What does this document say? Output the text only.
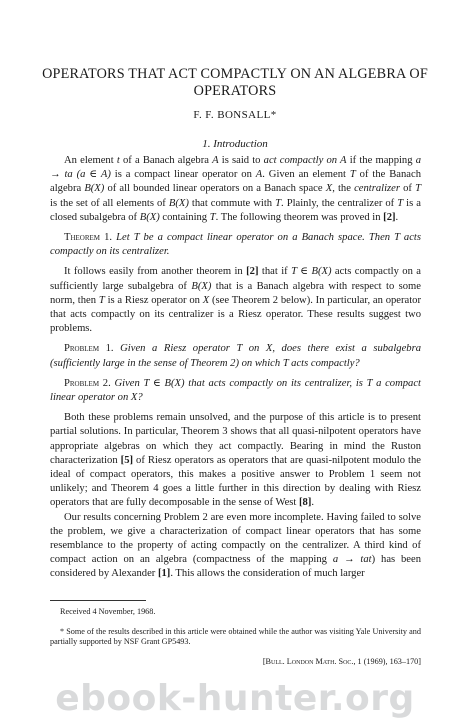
OPERATORS THAT ACT COMPACTLY ON AN ALGEBRA OF OPERATORS
F. F. BONSALL*
1. Introduction

An element t of a Banach algebra A is said to act compactly on A if the mapping a → ta (a ∈ A) is a compact linear operator on A. Given an element T of the Banach algebra B(X) of all bounded linear operators on a Banach space X, the centralizer of T is the set of all elements of B(X) that commute with T. Plainly, the centralizer of T is a closed subalgebra of B(X) containing T. The following theorem was proved in [2].

Theorem 1. Let T be a compact linear operator on a Banach space. Then T acts compactly on its centralizer.

It follows easily from another theorem in [2] that if T ∈ B(X) acts compactly on a sufficiently large subalgebra of B(X) that is a Banach algebra with respect to some norm, then T is a Riesz operator on X (see Theorem 2 below). In particular, an operator that acts compactly on its centralizer is a Riesz operator. These results suggest two problems.

Problem 1. Given a Riesz operator T on X, does there exist a subalgebra (sufficiently large in the sense of Theorem 2) on which T acts compactly?

Problem 2. Given T ∈ B(X) that acts compactly on its centralizer, is T a compact linear operator on X?

Both these problems remain unsolved, and the purpose of this article is to present partial solutions. In particular, Theorem 3 shows that all quasi-nilpotent operators have appropriate algebras on which they act compactly. Bearing in mind the Ruston characterization [5] of Riesz operators as operators that are quasi-nilpotent modulo the ideal of compact operators, this makes a positive answer to Problem 1 seem not unlikely; and Theorem 4 goes a little further in this direction by dealing with Riesz operators that are fully decomposable in the sense of West [8].

Our results concerning Problem 2 are even more incomplete. Having failed to solve the problem, we give a characterization of compact linear operators that has some resemblance to the property of acting compactly on the centralizer. A third kind of compact action on an algebra (compactness of the mapping a → tat) has been considered by Alexander [1]. This allows the consideration of much larger

Received 4 November, 1968.
* Some of the results described in this article were obtained while the author was visiting Yale University and partially supported by NSF Grant GP5493.
[Bull. London Math. Soc., 1 (1969), 163–170]
ebook-hunter.org
